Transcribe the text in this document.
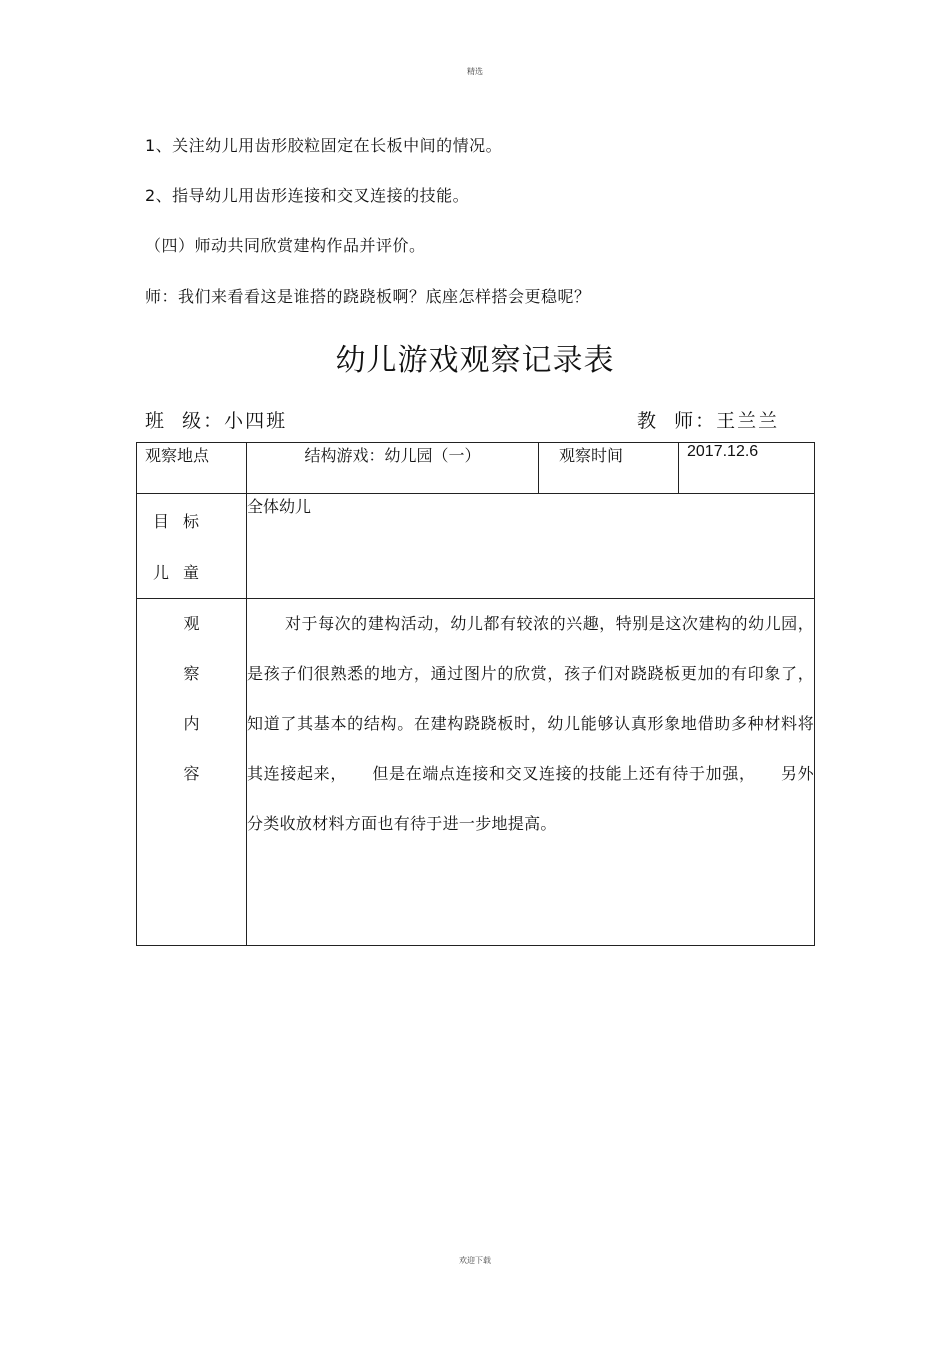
精选
1、关注幼儿用齿形胶粒固定在长板中间的情况。
2、指导幼儿用齿形连接和交叉连接的技能。
（四）师动共同欣赏建构作品并评价。
师：我们来看看这是谁搭的跷跷板啊？底座怎样搭会更稳呢？
幼儿游戏观察记录表
班  级：小四班	教  师：王兰兰
观察地点	结构游戏：幼儿园（一）	观察时间	2017.12.6

目标
儿童	全体幼儿		

观
察
内
容	对于每次的建构活动，幼儿都有较浓的兴趣，特别是这次建构的幼儿园，是孩子们很熟悉的地方，通过图片的欣赏，孩子们对跷跷板更加的有印象了，知道了其基本的结构。在建构跷跷板时，幼儿能够认真形象地借助多种材料将其连接起来，　　但是在端点连接和交叉连接的技能上还有待于加强，　　另外分类收放材料方面也有待于进一步地提高。		
欢迎下载
